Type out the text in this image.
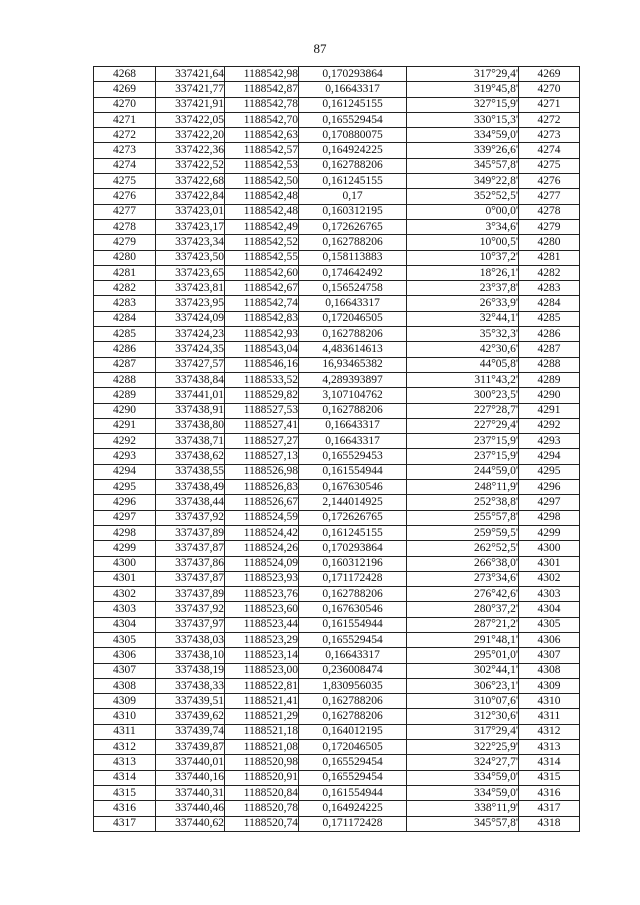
87
4268	337421,64	1188542,98	0,170293864	317°29,4'	4269
4269	337421,77	1188542,87	0,16643317	319°45,8'	4270
4270	337421,91	1188542,78	0,161245155	327°15,9'	4271
4271	337422,05	1188542,70	0,165529454	330°15,3'	4272
4272	337422,20	1188542,63	0,170880075	334°59,0'	4273
4273	337422,36	1188542,57	0,164924225	339°26,6'	4274
4274	337422,52	1188542,53	0,162788206	345°57,8'	4275
4275	337422,68	1188542,50	0,161245155	349°22,8'	4276
4276	337422,84	1188542,48	0,17	352°52,5'	4277
4277	337423,01	1188542,48	0,160312195	0°00,0'	4278
4278	337423,17	1188542,49	0,172626765	3°34,6'	4279
4279	337423,34	1188542,52	0,162788206	10°00,5'	4280
4280	337423,50	1188542,55	0,158113883	10°37,2'	4281
4281	337423,65	1188542,60	0,174642492	18°26,1'	4282
4282	337423,81	1188542,67	0,156524758	23°37,8'	4283
4283	337423,95	1188542,74	0,16643317	26°33,9'	4284
4284	337424,09	1188542,83	0,172046505	32°44,1'	4285
4285	337424,23	1188542,93	0,162788206	35°32,3'	4286
4286	337424,35	1188543,04	4,483614613	42°30,6'	4287
4287	337427,57	1188546,16	16,93465382	44°05,8'	4288
4288	337438,84	1188533,52	4,289393897	311°43,2'	4289
4289	337441,01	1188529,82	3,107104762	300°23,5'	4290
4290	337438,91	1188527,53	0,162788206	227°28,7'	4291
4291	337438,80	1188527,41	0,16643317	227°29,4'	4292
4292	337438,71	1188527,27	0,16643317	237°15,9'	4293
4293	337438,62	1188527,13	0,165529453	237°15,9'	4294
4294	337438,55	1188526,98	0,161554944	244°59,0'	4295
4295	337438,49	1188526,83	0,167630546	248°11,9'	4296
4296	337438,44	1188526,67	2,144014925	252°38,8'	4297
4297	337437,92	1188524,59	0,172626765	255°57,8'	4298
4298	337437,89	1188524,42	0,161245155	259°59,5'	4299
4299	337437,87	1188524,26	0,170293864	262°52,5'	4300
4300	337437,86	1188524,09	0,160312196	266°38,0'	4301
4301	337437,87	1188523,93	0,171172428	273°34,6'	4302
4302	337437,89	1188523,76	0,162788206	276°42,6'	4303
4303	337437,92	1188523,60	0,167630546	280°37,2'	4304
4304	337437,97	1188523,44	0,161554944	287°21,2'	4305
4305	337438,03	1188523,29	0,165529454	291°48,1'	4306
4306	337438,10	1188523,14	0,16643317	295°01,0'	4307
4307	337438,19	1188523,00	0,236008474	302°44,1'	4308
4308	337438,33	1188522,81	1,830956035	306°23,1'	4309
4309	337439,51	1188521,41	0,162788206	310°07,6'	4310
4310	337439,62	1188521,29	0,162788206	312°30,6'	4311
4311	337439,74	1188521,18	0,164012195	317°29,4'	4312
4312	337439,87	1188521,08	0,172046505	322°25,9'	4313
4313	337440,01	1188520,98	0,165529454	324°27,7'	4314
4314	337440,16	1188520,91	0,165529454	334°59,0'	4315
4315	337440,31	1188520,84	0,161554944	334°59,0'	4316
4316	337440,46	1188520,78	0,164924225	338°11,9'	4317
4317	337440,62	1188520,74	0,171172428	345°57,8'	4318
